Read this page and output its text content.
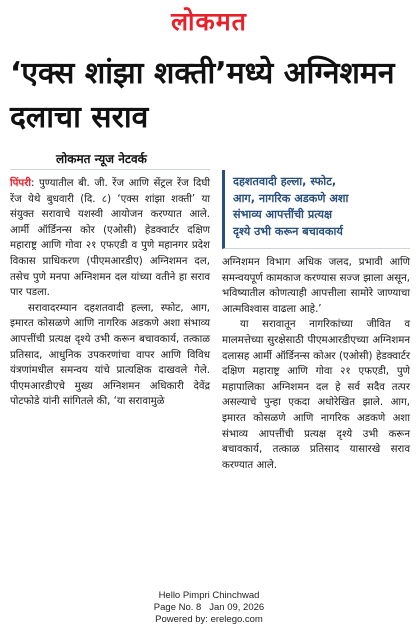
लोकमत
‘एक्स शांझा शक्ती’मध्ये अग्निशमन दलाचा सराव
लोकमत न्यूज नेटवर्क

पिंपरी: पुण्यातील बी. जी. रेंज आणि सेंट्रल रेंज दिघी रेंज येथे बुधवारी (दि. ८) ‘एक्स शांझा शक्ती’ या संयुक्त सरावाचे यशस्वी आयोजन करण्यात आले. आर्मी ऑर्डिनन्स कोर (एओसी) हेडक्वार्टर दक्षिण महाराष्ट्र आणि गोवा २१ एफएडी व पुणे महानगर प्रदेश विकास प्राधिकरण (पीएमआरडीए) अग्निशमन दल, तसेच पुणे मनपा अग्निशमन दल यांच्या वतीने हा सराव पार पडला.

सरावादरम्यान दहशतवादी हल्ला, स्फोट, आग, इमारत कोसळणे आणि नागरिक अडकणे अशा संभाव्य आपत्तींची प्रत्यक्ष दृश्ये उभी करून बचावकार्य, तत्काळ प्रतिसाद, आधुनिक उपकरणांचा वापर आणि विविध यंत्रणांमधील समन्वय यांचे प्रात्यक्षिक दाखवले गेले. पीएमआरडीएचे मुख्य अग्निशमन अधिकारी देवेंद्र पोटफोडे यांनी सांगितले की, ‘या सरावामुळे

दहशतवादी हल्ला, स्फोट,
आग, नागरिक अडकणे अशा
संभाव्य आपत्तींची प्रत्यक्ष
दृश्ये उभी करून बचावकार्य

अग्निशमन विभाग अधिक जलद, प्रभावी आणि समन्वयपूर्ण कामकाज करण्यास सज्ज झाला असून, भविष्यातील कोणत्याही आपत्तीला सामोरे जाण्याचा आत्मविश्वास वाढला आहे.’

या सरावातून नागरिकांच्या जीवित व मालमत्तेच्या सुरक्षेसाठी पीएमआरडीएच्या अग्निशमन दलासह आर्मी ऑर्डिनन्स कोअर (एओसी) हेडक्वार्टर दक्षिण महाराष्ट्र आणि गोवा २१ एफएडी, पुणे महापालिका अग्निशमन दल हे सर्व सदैव तत्पर असल्याचे पुन्हा एकदा अधोरेखित झाले. आग, इमारत कोसळणे आणि नागरिक अडकणे अशा संभाव्य आपत्तींची प्रत्यक्ष दृश्ये उभी करून बचावकार्य, तत्काळ प्रतिसाद यासारखे सराव करण्यात आले.

Hello Pimpri Chinchwad
Page No. 8   Jan 09, 2026
Powered by: erelego.com
